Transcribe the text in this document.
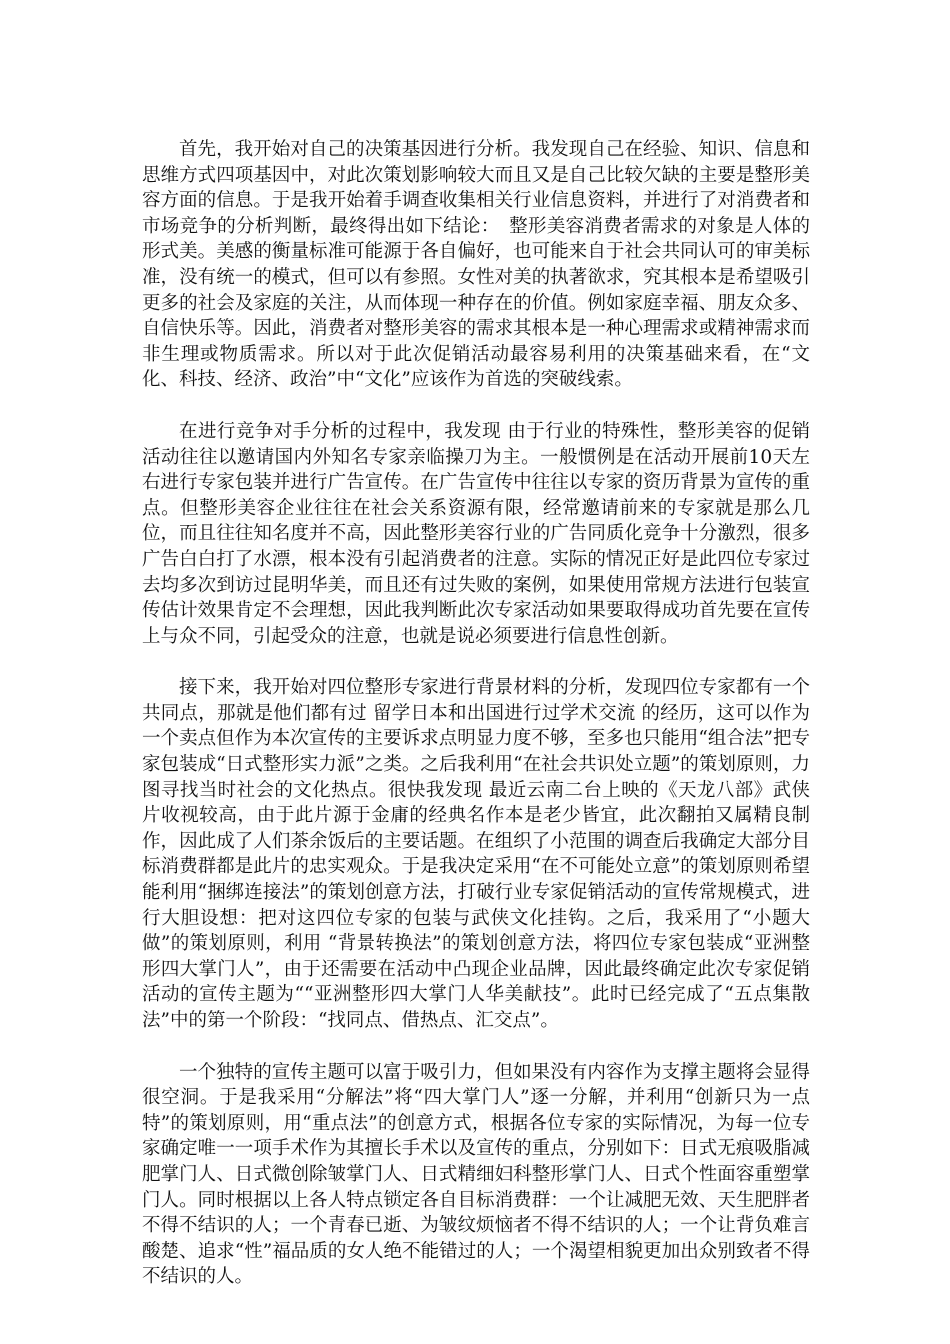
首先，我开始对自己的决策基因进行分析。我发现自己在经验、知识、信息和思维方式四项基因中，对此次策划影响较大而且又是自己比较欠缺的主要是整形美容方面的信息。于是我开始着手调查收集相关行业信息资料，并进行了对消费者和市场竞争的分析判断，最终得出如下结论：　整形美容消费者需求的对象是人体的形式美。美感的衡量标准可能源于各自偏好，也可能来自于社会共同认可的审美标准，没有统一的模式，但可以有参照。女性对美的执著欲求，究其根本是希望吸引更多的社会及家庭的关注，从而体现一种存在的价值。例如家庭幸福、朋友众多、自信快乐等。因此，消费者对整形美容的需求其根本是一种心理需求或精神需求而非生理或物质需求。所以对于此次促销活动最容易利用的决策基础来看，在“文化、科技、经济、政治”中“文化”应该作为首选的突破线索。

在进行竞争对手分析的过程中，我发现 由于行业的特殊性，整形美容的促销活动往往以邀请国内外知名专家亲临操刀为主。一般惯例是在活动开展前10天左右进行专家包装并进行广告宣传。在广告宣传中往往以专家的资历背景为宣传的重点。但整形美容企业往往在社会关系资源有限，经常邀请前来的专家就是那么几位，而且往往知名度并不高，因此整形美容行业的广告同质化竞争十分激烈，很多广告白白打了水漂，根本没有引起消费者的注意。实际的情况正好是此四位专家过去均多次到访过昆明华美，而且还有过失败的案例，如果使用常规方法进行包装宣传估计效果肯定不会理想，因此我判断此次专家活动如果要取得成功首先要在宣传上与众不同，引起受众的注意，也就是说必须要进行信息性创新。

接下来，我开始对四位整形专家进行背景材料的分析，发现四位专家都有一个共同点，那就是他们都有过 留学日本和出国进行过学术交流 的经历，这可以作为一个卖点但作为本次宣传的主要诉求点明显力度不够，至多也只能用“组合法”把专家包装成“日式整形实力派”之类。之后我利用“在社会共识处立题”的策划原则，力图寻找当时社会的文化热点。很快我发现 最近云南二台上映的《天龙八部》武侠片收视较高，由于此片源于金庸的经典名作本是老少皆宜，此次翻拍又属精良制作，因此成了人们茶余饭后的主要话题。在组织了小范围的调查后我确定大部分目标消费群都是此片的忠实观众。于是我决定采用“在不可能处立意”的策划原则希望能利用“捆绑连接法”的策划创意方法，打破行业专家促销活动的宣传常规模式，进行大胆设想：把对这四位专家的包装与武侠文化挂钩。之后，我采用了“小题大做”的策划原则，利用 “背景转换法”的策划创意方法，将四位专家包装成“亚洲整形四大掌门人”，由于还需要在活动中凸现企业品牌，因此最终确定此次专家促销活动的宣传主题为““亚洲整形四大掌门人华美献技”。此时已经完成了“五点集散法”中的第一个阶段：“找同点、借热点、汇交点”。

一个独特的宣传主题可以富于吸引力，但如果没有内容作为支撑主题将会显得很空洞。于是我采用“分解法”将“四大掌门人”逐一分解，并利用“创新只为一点特”的策划原则，用“重点法”的创意方式，根据各位专家的实际情况，为每一位专家确定唯一一项手术作为其擅长手术以及宣传的重点，分别如下：日式无痕吸脂减肥掌门人、日式微创除皱掌门人、日式精细妇科整形掌门人、日式个性面容重塑掌门人。同时根据以上各人特点锁定各自目标消费群：一个让减肥无效、天生肥胖者不得不结识的人；一个青春已逝、为皱纹烦恼者不得不结识的人；一个让背负难言酸楚、追求“性”福品质的女人绝不能错过的人；一个渴望相貌更加出众别致者不得不结识的人。
